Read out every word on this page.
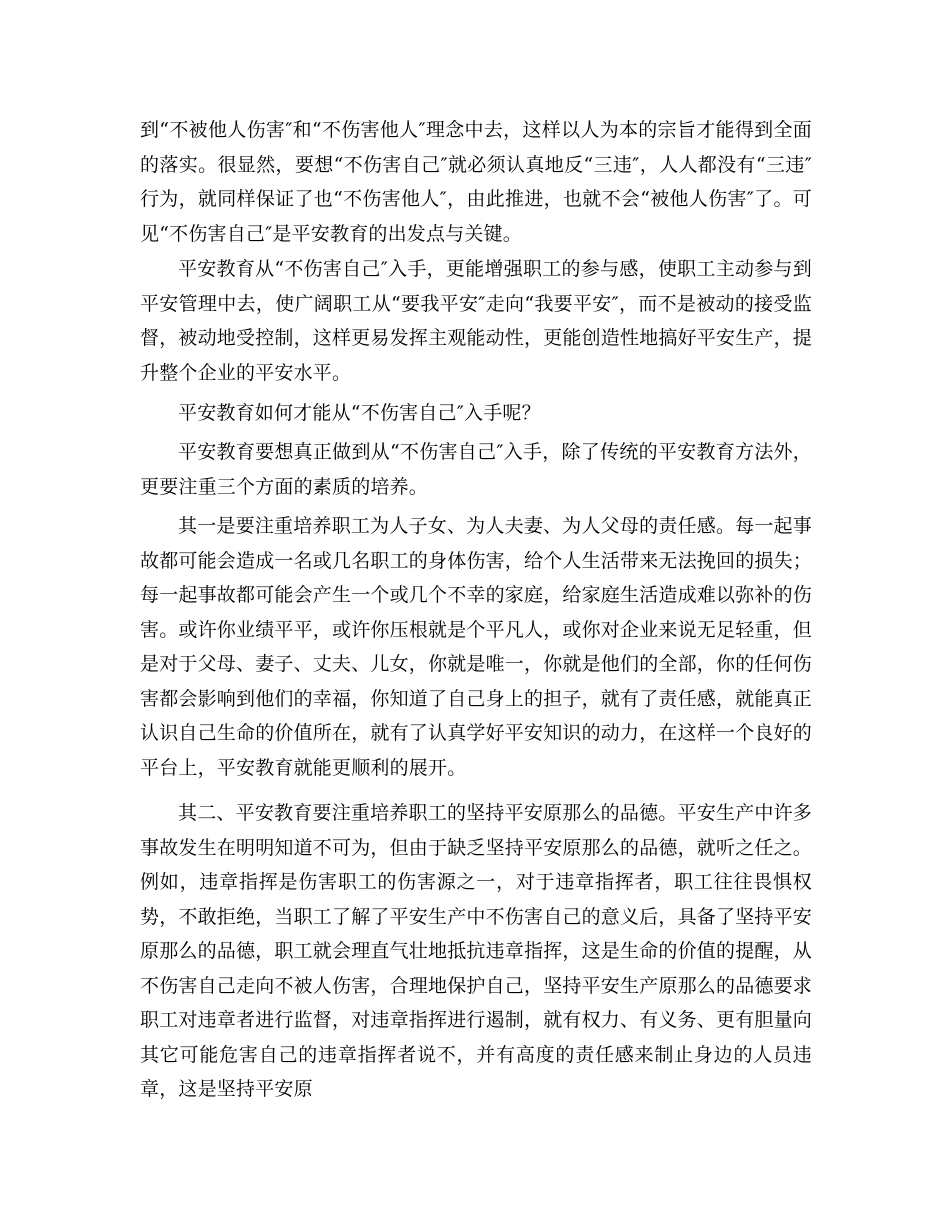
到“不被他人伤害″和“不伤害他人″理念中去，这样以人为本的宗旨才能得到全面的落实。很显然，要想“不伤害自己″就必须认真地反“三违″，人人都没有“三违″行为，就同样保证了也“不伤害他人″，由此推进，也就不会“被他人伤害″了。可见“不伤害自己″是平安教育的出发点与关键。

平安教育从“不伤害自己″入手，更能增强职工的参与感，使职工主动参与到平安管理中去，使广阔职工从“要我平安″走向“我要平安″，而不是被动的接受监督，被动地受控制，这样更易发挥主观能动性，更能创造性地搞好平安生产，提升整个企业的平安水平。

平安教育如何才能从“不伤害自己″入手呢？

平安教育要想真正做到从“不伤害自己″入手，除了传统的平安教育方法外，更要注重三个方面的素质的培养。

其一是要注重培养职工为人子女、为人夫妻、为人父母的责任感。每一起事故都可能会造成一名或几名职工的身体伤害，给个人生活带来无法挽回的损失；每一起事故都可能会产生一个或几个不幸的家庭，给家庭生活造成难以弥补的伤害。或许你业绩平平，或许你压根就是个平凡人，或你对企业来说无足轻重，但是对于父母、妻子、丈夫、儿女，你就是唯一，你就是他们的全部，你的任何伤害都会影响到他们的幸福，你知道了自己身上的担子，就有了责任感，就能真正认识自己生命的价值所在，就有了认真学好平安知识的动力，在这样一个良好的平台上，平安教育就能更顺利的展开。

其二、平安教育要注重培养职工的坚持平安原那么的品德。平安生产中许多事故发生在明明知道不可为，但由于缺乏坚持平安原那么的品德，就听之任之。例如，违章指挥是伤害职工的伤害源之一，对于违章指挥者，职工往往畏惧权势，不敢拒绝，当职工了解了平安生产中不伤害自己的意义后，具备了坚持平安原那么的品德，职工就会理直气壮地抵抗违章指挥，这是生命的价值的提醒，从不伤害自己走向不被人伤害，合理地保护自己，坚持平安生产原那么的品德要求职工对违章者进行监督，对违章指挥进行遏制，就有权力、有义务、更有胆量向其它可能危害自己的违章指挥者说不，并有高度的责任感来制止身边的人员违章，这是坚持平安原
